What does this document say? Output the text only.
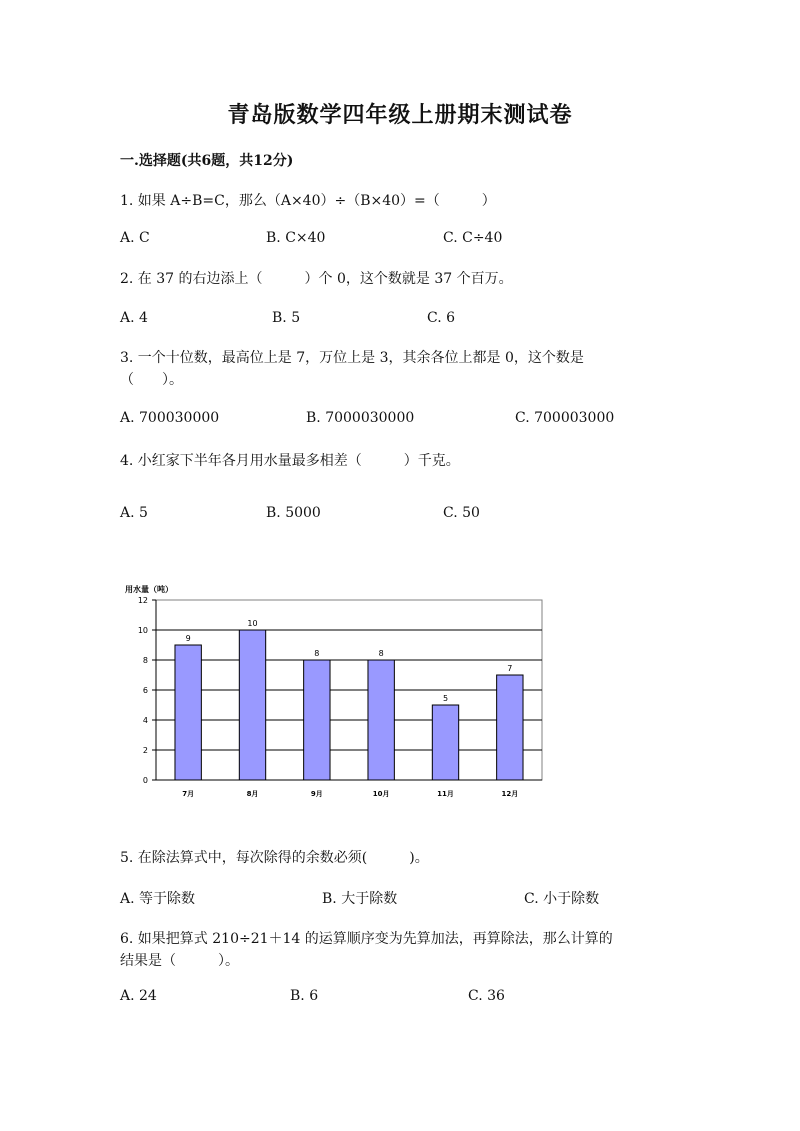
青岛版数学四年级上册期末测试卷
一.选择题(共6题，共12分)
1. 如果 A÷B=C，那么（A×40）÷（B×40）=（　　　）
A. C	B. C×40	C. C÷40
2. 在 37 的右边添上（　　　）个 0，这个数就是 37 个百万。
A. 4	B. 5	C. 6
3. 一个十位数，最高位上是 7，万位上是 3，其余各位上都是 0，这个数是
（　　）。
A. 700030000	B. 7000030000	C. 700003000
4. 小红家下半年各月用水量最多相差（　　　）千克。
A. 5	B. 5000	C. 50
用水量（吨）
0
2
4
6
8
10
12
9
7月
10
8月
8
9月
8
10月
5
11月
7
12月
5. 在除法算式中，每次除得的余数必须(　　　)。
A. 等于除数	B. 大于除数	C. 小于除数
6. 如果把算式 210÷21＋14 的运算顺序变为先算加法，再算除法，那么计算的
结果是（　　　）。
A. 24	B. 6	C. 36
